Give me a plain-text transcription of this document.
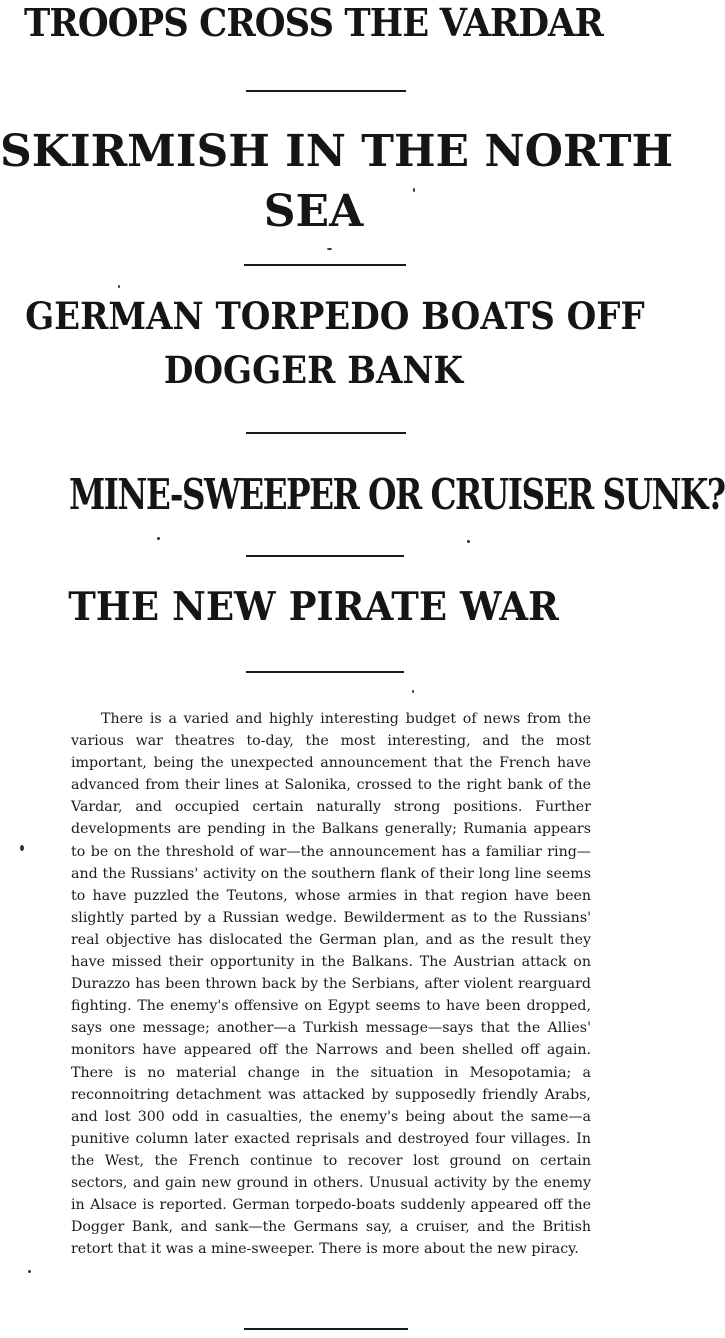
TROOPS CROSS THE VARDAR
SKIRMISH IN THE NORTH
SEA
GERMAN TORPEDO BOATS OFF
DOGGER BANK
MINE-SWEEPER OR CRUISER SUNK?
THE NEW PIRATE WAR
There is a varied and highly interesting budget of news from the various war theatres to-day, the most interesting, and the most important, being the unexpected announcement that the French have advanced from their lines at Salonika, crossed to the right bank of the Vardar, and occupied certain naturally strong positions. Further developments are pending in the Balkans generally; Rumania appears to be on the threshold of war—the announcement has a familiar ring—and the Russians' activity on the southern flank of their long line seems to have puzzled the Teutons, whose armies in that region have been slightly parted by a Russian wedge. Bewilderment as to the Russians' real objective has dislocated the German plan, and as the result they have missed their opportunity in the Balkans. The Austrian attack on Durazzo has been thrown back by the Serbians, after violent rearguard fighting. The enemy's offensive on Egypt seems to have been dropped, says one message; another—a Turkish message—says that the Allies' monitors have appeared off the Narrows and been shelled off again. There is no material change in the situation in Mesopotamia; a reconnoitring detachment was attacked by supposedly friendly Arabs, and lost 300 odd in casualties, the enemy's being about the same—a punitive column later exacted reprisals and destroyed four villages. In the West, the French continue to recover lost ground on certain sectors, and gain new ground in others. Unusual activity by the enemy in Alsace is reported. German torpedo-boats suddenly appeared off the Dogger Bank, and sank—the Germans say, a cruiser, and the British retort that it was a mine-sweeper. There is more about the new piracy.
